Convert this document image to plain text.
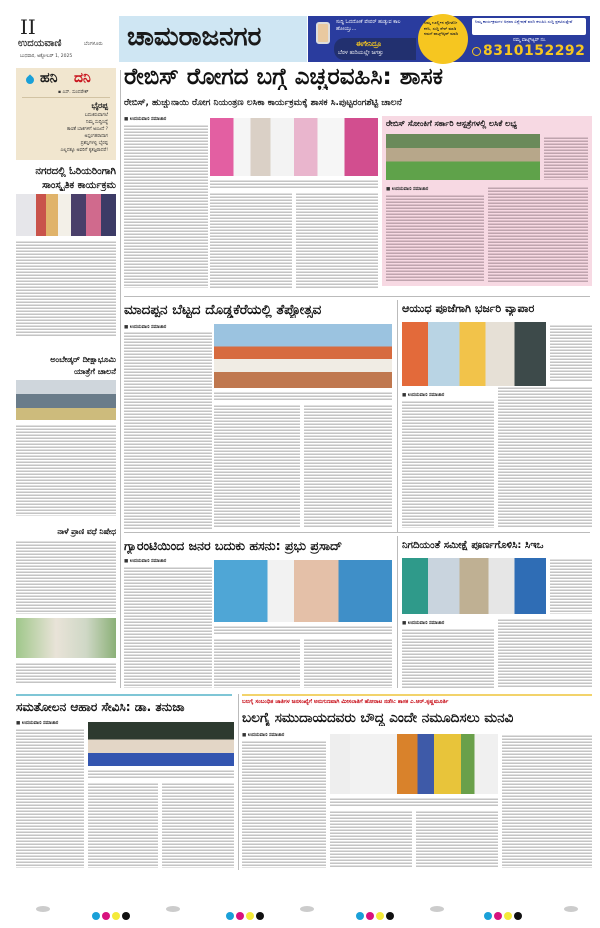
II
ಉದಯವಾಣಿ	ಬೆಂಗಳೂರು
ಬುಧವಾರ, ಅಕ್ಟೋಬರ್ 1, 2025
ಚಾಮರಾಜನಗರ	ಸುದ್ದಿ ಓದದೋಕೆ ಪೇಪರ್ ಹುಡ್ಕುವ ಕಾಲ ಹೋಯ್ತು...
ಈಗೇನಿದ್ರೂ
ಬೆರಳ ತುದಿಯಲ್ಲೇ ಜಗತ್ತು
ನಿಮ್ಮ ಊರ್ಲ್ಲಿನ ಫೋಟೋ ಕಳಿಸಿ, ಸುದ್ದಿ ಶೇರ್ ಮಾಡಿ ನಮಗೆ ವಾಟ್ಸ್ಆ್ಯಪ್ ಮಾಡಿ
ನಿಮ್ಮ ಕಾರ್ಯಕ್ರಮಗಳ ಅಥವಾ ವಿಶ್ಲೇಷಣೆ ವರದಿ ಕಳುಹಿಸಿ ಸುದ್ದಿ ಪ್ರಕಟಿಸುತ್ತೇವೆ
ನಮ್ಮ ವಾಟ್ಸ್ಆ್ಯಪ್ ನಂ.
8310152292
ಹನಿ ದನಿ
▪ ಎಸ್. ಸುಂದರೇಶ್
ಭೈರಪ್ಪ
ಬದುಕಿರುವಾಗಲೆ
ನಿಮ್ಮ ಸುದ್ದಿಸಿದ್ದೆ
ಕಾಣಿಕೆ ಬಾಕಿಗಳಿಗೆ ಅಂಜದೆ ?
ಅಸ್ತಂಗತರಾದಾಗ
ಪ್ರಶಸ್ತಿಗಳಲ್ಲಿ ಭೈರಪ್ಪ
ಎಲ್ಲದಕ್ಕೂ ಅವರಿಗೆ ಕೃತಜ್ಞರಾದರೆ!
ನಗರದಲ್ಲಿ ಓರಿಯರಿಂಗಾಗಿ
ಸಾಂಸ್ಕೃತಿಕ ಕಾರ್ಯಕ್ರಮ
ಅಂಬೇಡ್ಕರ್ ದೀಕ್ಷಾಭೂಮಿ
ಯಾತ್ರೆಗೆ ಚಾಲನೆ
ನಾಳೆ ಪ್ರಾಣಿ ವಧೆ ನಿಷೇಧ
ರೇಬಿಸ್ ರೋಗದ ಬಗ್ಗೆ ಎಚ್ಚರವಹಿಸಿ: ಶಾಸಕ
ರೇಬಿಸ್, ಹುಚ್ಚುನಾಯಿ ರೋಗ ನಿಯಂತ್ರಣ ಲಸಿಕಾ ಕಾರ್ಯಕ್ರಮಕ್ಕೆ ಶಾಸಕ ಸಿ.ಪುಟ್ಟರಂಗಶೆಟ್ಟಿ ಚಾಲನೆ
■ ಉದಯವಾಣಿ ಸಮಾಚಾರ	ರೇಬಿಸ್ ಸೋಂಕಿಗೆ ಸರ್ಕಾರಿ ಆಸ್ಪತ್ರೆಗಳಲ್ಲಿ ಲಸಿಕೆ ಲಭ್ಯ
■ ಉದಯವಾಣಿ ಸಮಾಚಾರ
ಮಾದಪ್ಪನ ಬೆಟ್ಟದ ದೊಡ್ಡಕೆರೆಯಲ್ಲಿ ತೆಪ್ಪೋತ್ಸವ
■ ಉದಯವಾಣಿ ಸಮಾಚಾರ
ಆಯುಧ ಪೂಜೆಗಾಗಿ ಭರ್ಜರಿ ವ್ಯಾಪಾರ
■ ಉದಯವಾಣಿ ಸಮಾಚಾರ
ಗ್ಯಾರಂಟಿಯಿಂದ ಜನರ ಬದುಕು ಹಸನು: ಪ್ರಭು ಪ್ರಸಾದ್
■ ಉದಯವಾಣಿ ಸಮಾಚಾರ
ನಿಗದಿಯಂತೆ ಸಮೀಕ್ಷೆ ಪೂರ್ಣಗೊಳಿಸಿ: ಸಿಇಒ
■ ಉದಯವಾಣಿ ಸಮಾಚಾರ
ಸಮತೋಲನ ಆಹಾರ ಸೇವಿಸಿ: ಡಾ. ತನುಜಾ
■ ಉದಯವಾಣಿ ಸಮಾಚಾರ
ಬಲಗೈ ಸಂಬಂಧಿತ ಜಾತಿಗಳ ಜನಸಂಖ್ಯೆಗೆ ಅನುಗುಣವಾಗಿ ಮೀಸಲಾತಿಗೆ ಹೋರಾಟ ನಡೆಸಿ: ಶಾಸಕ ಎ.ಆರ್.ಕೃಷ್ಣಮೂರ್ತಿ
ಬಲಗೈ ಸಮುದಾಯದವರು ಬೌದ್ಧ ಎಂದೇ ನಮೂದಿಸಲು ಮನವಿ
■ ಉದಯವಾಣಿ ಸಮಾಚಾರ
